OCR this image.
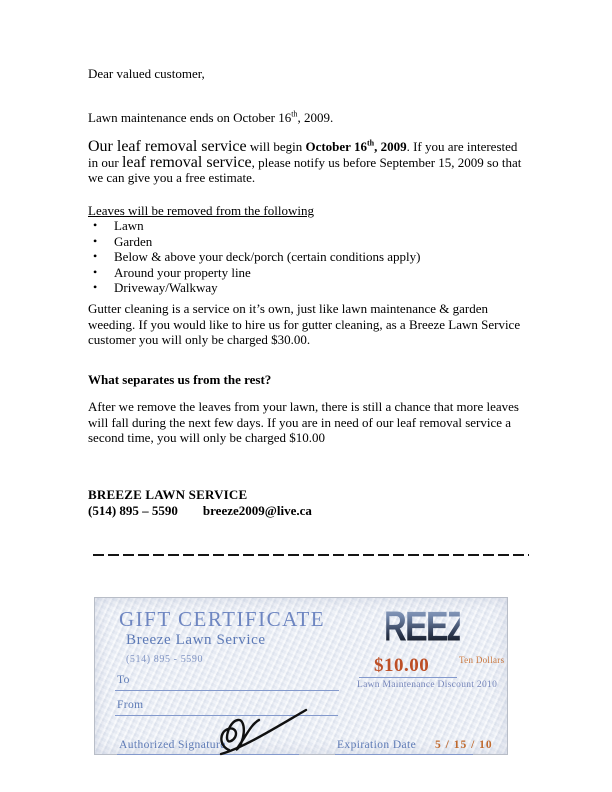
Dear valued customer,
Lawn maintenance ends on October 16th, 2009.
Our leaf removal service will begin October 16th, 2009. If you are interested in our leaf removal service, please notify us before September 15, 2009 so that we can give you a free estimate.
Leaves will be removed from the following
•	Lawn
•	Garden
•	Below & above your deck/porch (certain conditions apply)
•	Around your property line
•	Driveway/Walkway
Gutter cleaning is a service on it’s own, just like lawn maintenance & garden weeding. If you would like to hire us for gutter cleaning, as a Breeze Lawn Service customer you will only be charged $30.00.
What separates us from the rest?
After we remove the leaves from your lawn, there is still a chance that more leaves will fall during the next few days. If you are in need of our leaf removal service a second time, you will only be charged $10.00
BREEZE LAWN SERVICE
(514) 895 – 5590 breeze2009@live.ca
GIFT CERTIFICATE
Breeze Lawn Service
(514) 895 - 5590
BREEZE
$10.00	Ten Dollars
Lawn Maintenance Discount 2010
To
From
Authorized Signature	Expiration Date 5 / 15 / 10
